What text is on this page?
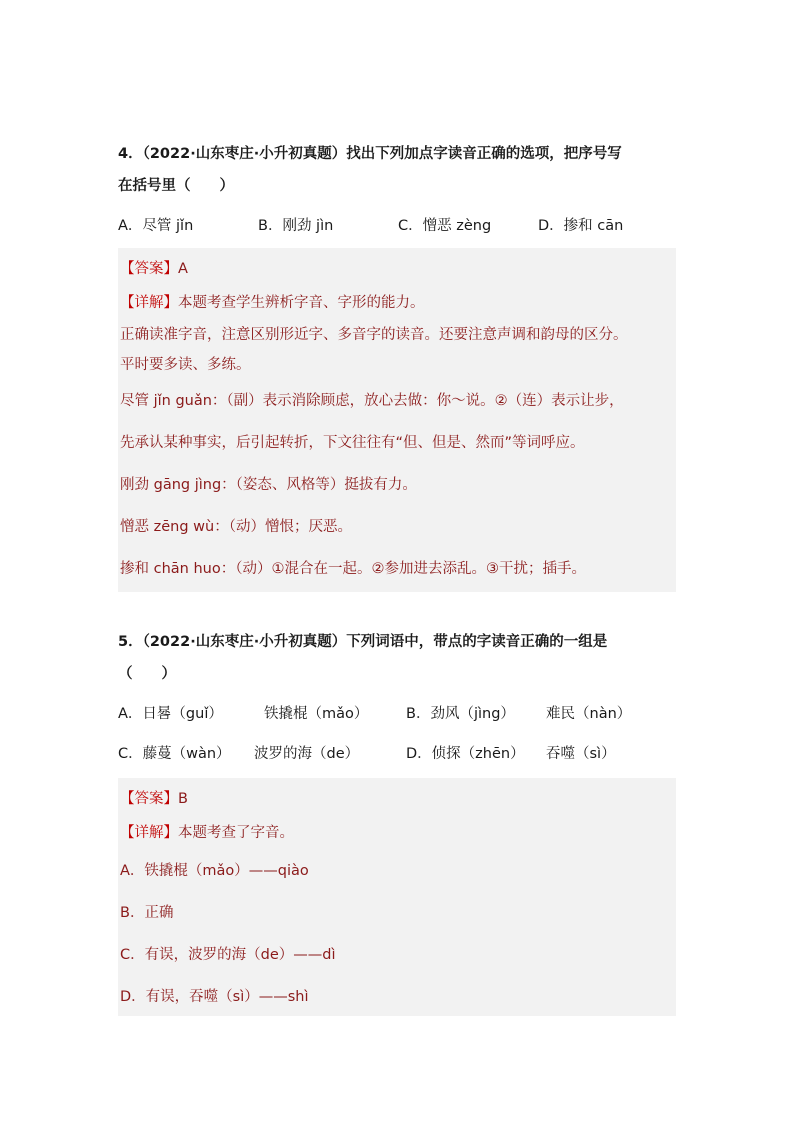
4．（2022·山东枣庄·小升初真题）找出下列加点字读音正确的选项，把序号写
在括号里（　　）
A．尽管 jǐn	B．刚劲 jìn	C．憎恶 zèng	D．掺和 cān
【答案】A
【详解】本题考查学生辨析字音、字形的能力。
正确读准字音，注意区别形近字、多音字的读音。还要注意声调和韵母的区分。
平时要多读、多练。
尽管 jǐn guǎn：（副）表示消除顾虑，放心去做：你～说。②（连）表示让步，
先承认某种事实，后引起转折，下文往往有“但、但是、然而”等词呼应。
刚劲 gāng jìng：（姿态、风格等）挺拔有力。
憎恶 zēng wù：（动）憎恨；厌恶。
掺和 chān huo：（动）①混合在一起。②参加进去添乱。③干扰；插手。
5．（2022·山东枣庄·小升初真题）下列词语中，带点的字读音正确的一组是
（　　）
A．日晷（guǐ）	铁撬棍（mǎo）	B．劲风（jìng）	难民（nàn）
C．藤蔓（wàn）	波罗的海（de）	D．侦探（zhēn）	吞噬（sì）
【答案】B
【详解】本题考查了字音。
A．铁撬棍（mǎo）——qiào
B．正确
C．有误，波罗的海（de）——dì
D．有误，吞噬（sì）——shì
